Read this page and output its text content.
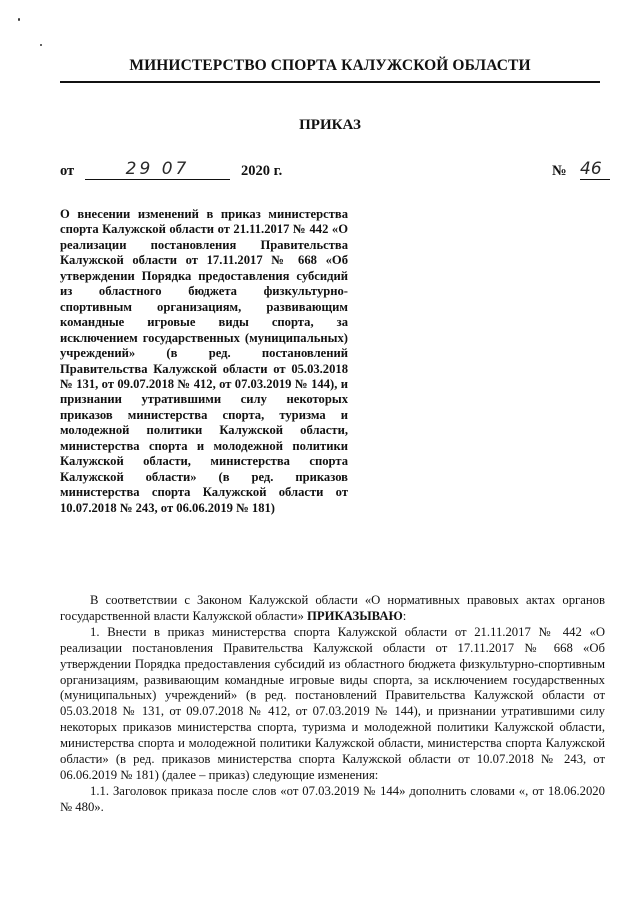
МИНИСТЕРСТВО СПОРТА КАЛУЖСКОЙ ОБЛАСТИ
ПРИКАЗ
от	29 07	2020 г.	№ 46
О внесении изменений в приказ министерства спорта Калужской области от 21.11.2017 № 442 «О реализации постановления Правительства Калужской области от 17.11.2017 № 668 «Об утверждении Порядка предоставления субсидий из областного бюджета физкультурно-спортивным организациям, развивающим командные игровые виды спорта, за исключением государственных (муниципальных) учреждений» (в ред. постановлений Правительства Калужской области от 05.03.2018 № 131, от 09.07.2018 № 412, от 07.03.2019 № 144), и признании утратившими силу некоторых приказов министерства спорта, туризма и молодежной политики Калужской области, министерства спорта и молодежной политики Калужской области, министерства спорта Калужской области» (в ред. приказов министерства спорта Калужской области от 10.07.2018 № 243, от 06.06.2019 № 181)

В соответствии с Законом Калужской области «О нормативных правовых актах органов государственной власти Калужской области» ПРИКАЗЫВАЮ:

1. Внести в приказ министерства спорта Калужской области от 21.11.2017 № 442 «О реализации постановления Правительства Калужской области от 17.11.2017 № 668 «Об утверждении Порядка предоставления субсидий из областного бюджета физкультурно-спортивным организациям, развивающим командные игровые виды спорта, за исключением государственных (муниципальных) учреждений» (в ред. постановлений Правительства Калужской области от 05.03.2018 № 131, от 09.07.2018 № 412, от 07.03.2019 № 144), и признании утратившими силу некоторых приказов министерства спорта, туризма и молодежной политики Калужской области, министерства спорта и молодежной политики Калужской области, министерства спорта Калужской области» (в ред. приказов министерства спорта Калужской области от 10.07.2018 № 243, от 06.06.2019 № 181) (далее – приказ) следующие изменения:

1.1. Заголовок приказа после слов «от 07.03.2019 № 144» дополнить словами «, от 18.06.2020 № 480».
